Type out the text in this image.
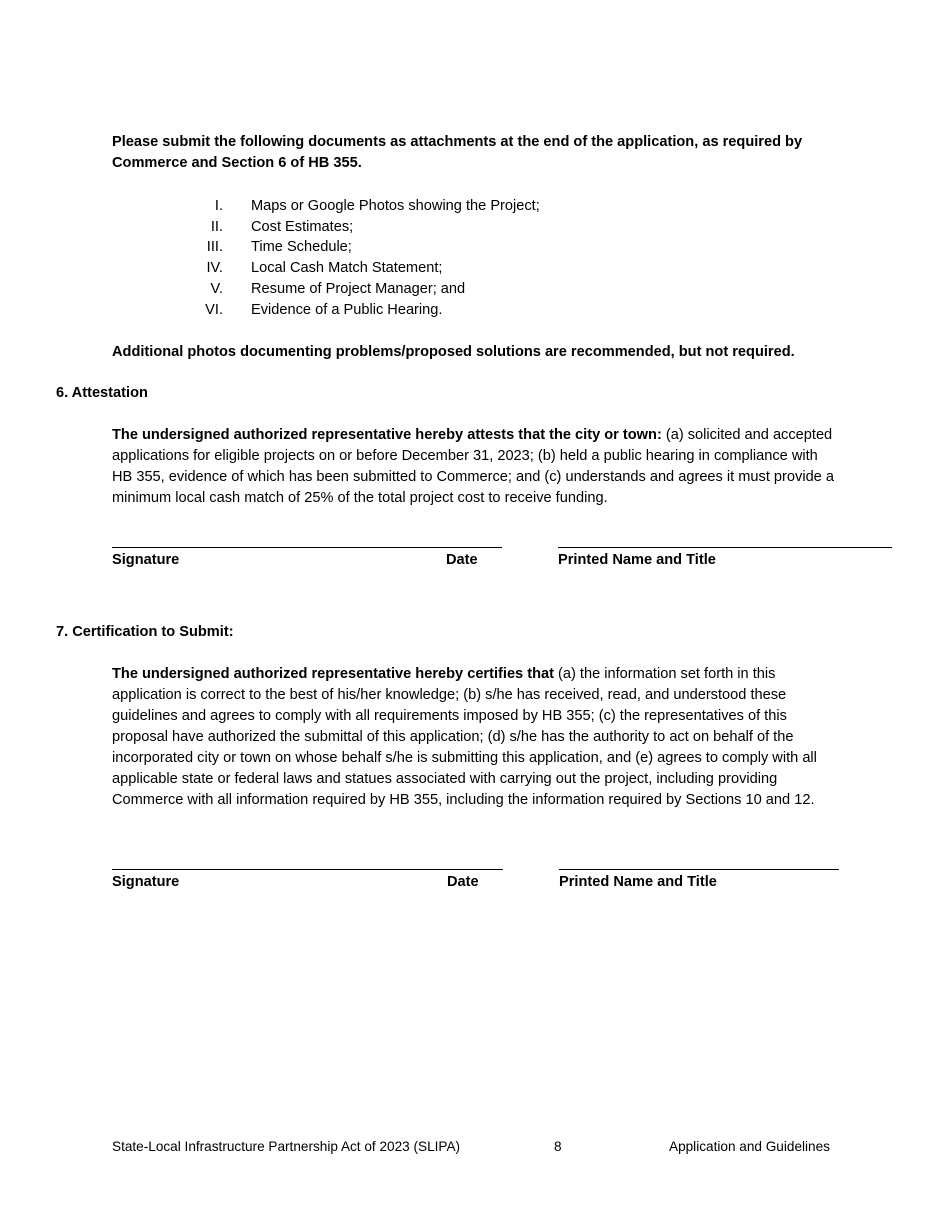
Please submit the following documents as attachments at the end of the application, as required by Commerce and Section 6 of HB 355.

I. Maps or Google Photos showing the Project;
II. Cost Estimates;
III. Time Schedule;
IV. Local Cash Match Statement;
V. Resume of Project Manager; and
VI. Evidence of a Public Hearing.

Additional photos documenting problems/proposed solutions are recommended, but not required.

6. Attestation

The undersigned authorized representative hereby attests that the city or town: (a) solicited and accepted applications for eligible projects on or before December 31, 2023; (b) held a public hearing in compliance with HB 355, evidence of which has been submitted to Commerce; and (c) understands and agrees it must provide a minimum local cash match of 25% of the total project cost to receive funding.

Signature	Date	Printed Name and Title
7. Certification to Submit:

The undersigned authorized representative hereby certifies that (a) the information set forth in this application is correct to the best of his/her knowledge; (b) s/he has received, read, and understood these guidelines and agrees to comply with all requirements imposed by HB 355; (c) the representatives of this proposal have authorized the submittal of this application; (d) s/he has the authority to act on behalf of the incorporated city or town on whose behalf s/he is submitting this application, and (e) agrees to comply with all applicable state or federal laws and statues associated with carrying out the project, including providing Commerce with all information required by HB 355, including the information required by Sections 10 and 12.

Signature	Date	Printed Name and Title
State-Local Infrastructure Partnership Act of 2023 (SLIPA)	8	Application and Guidelines
